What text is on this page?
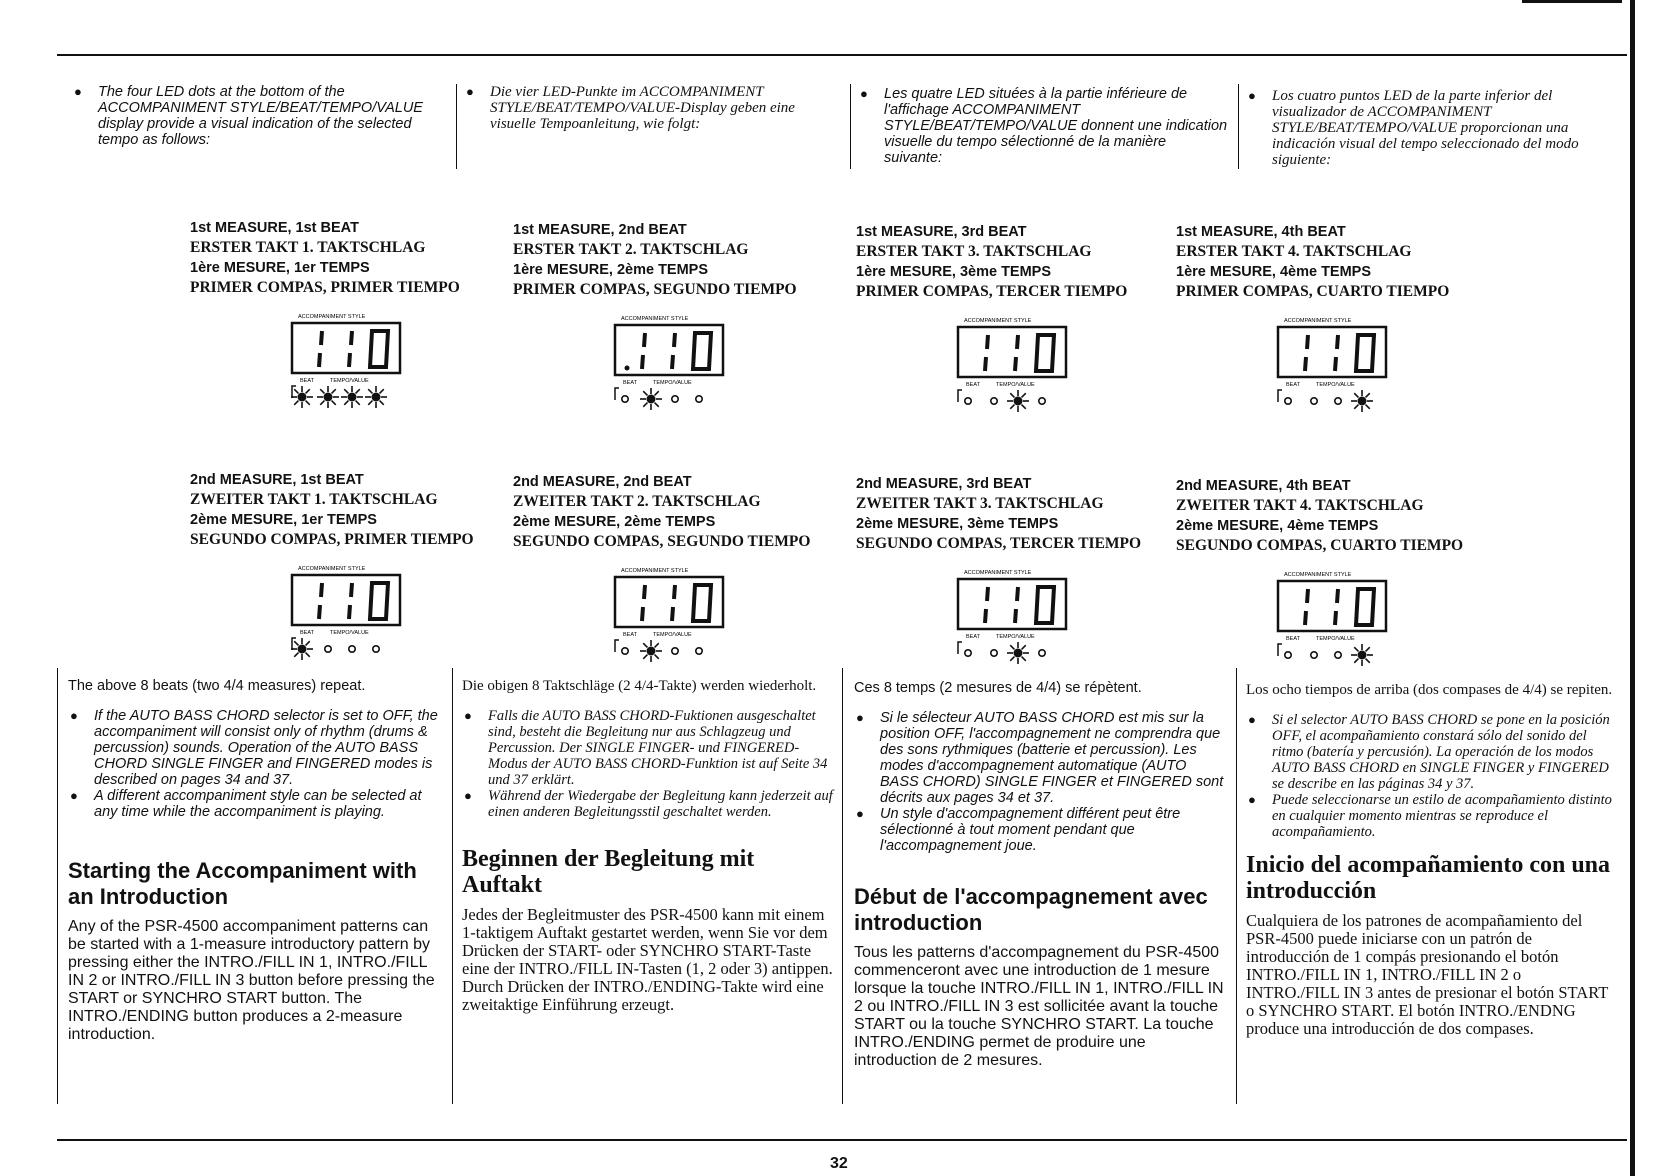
● The four LED dots at the bottom of the ACCOMPANIMENT STYLE/BEAT/TEMPO/VALUE display provide a visual indication of the selected tempo as follows:
● Die vier LED-Punkte im ACCOMPANIMENT STYLE/BEAT/TEMPO/VALUE-Display geben eine visuelle Tempoanleitung, wie folgt:
● Les quatre LED situées à la partie inférieure de l'affichage ACCOMPANIMENT STYLE/BEAT/TEMPO/VALUE donnent une indication visuelle du tempo sélectionné de la manière suivante:
● Los cuatro puntos LED de la parte inferior del visualizador de ACCOMPANIMENT STYLE/BEAT/TEMPO/VALUE proporcionan una indicación visual del tempo seleccionado del modo siguiente:
1st MEASURE, 1st BEAT
ERSTER TAKT 1. TAKTSCHLAG
1ère MESURE, 1er TEMPS
PRIMER COMPAS, PRIMER TIEMPO
ACCOMPANIMENT STYLE
BEAT	TEMPO/VALUE
1st MEASURE, 2nd BEAT
ERSTER TAKT 2. TAKTSCHLAG
1ère MESURE, 2ème TEMPS
PRIMER COMPAS, SEGUNDO TIEMPO
ACCOMPANIMENT STYLE
BEAT	TEMPO/VALUE
1st MEASURE, 3rd BEAT
ERSTER TAKT 3. TAKTSCHLAG
1ère MESURE, 3ème TEMPS
PRIMER COMPAS, TERCER TIEMPO
ACCOMPANIMENT STYLE
BEAT	TEMPO/VALUE
1st MEASURE, 4th BEAT
ERSTER TAKT 4. TAKTSCHLAG
1ère MESURE, 4ème TEMPS
PRIMER COMPAS, CUARTO TIEMPO
ACCOMPANIMENT STYLE
BEAT	TEMPO/VALUE
2nd MEASURE, 1st BEAT
ZWEITER TAKT 1. TAKTSCHLAG
2ème MESURE, 1er TEMPS
SEGUNDO COMPAS, PRIMER TIEMPO
ACCOMPANIMENT STYLE
BEAT	TEMPO/VALUE
2nd MEASURE, 2nd BEAT
ZWEITER TAKT 2. TAKTSCHLAG
2ème MESURE, 2ème TEMPS
SEGUNDO COMPAS, SEGUNDO TIEMPO
ACCOMPANIMENT STYLE
BEAT	TEMPO/VALUE
2nd MEASURE, 3rd BEAT
ZWEITER TAKT 3. TAKTSCHLAG
2ème MESURE, 3ème TEMPS
SEGUNDO COMPAS, TERCER TIEMPO
ACCOMPANIMENT STYLE
BEAT	TEMPO/VALUE
2nd MEASURE, 4th BEAT
ZWEITER TAKT 4. TAKTSCHLAG
2ème MESURE, 4ème TEMPS
SEGUNDO COMPAS, CUARTO TIEMPO
ACCOMPANIMENT STYLE
BEAT	TEMPO/VALUE
The above 8 beats (two 4/4 measures) repeat.
● If the AUTO BASS CHORD selector is set to OFF, the accompaniment will consist only of rhythm (drums & percussion) sounds. Operation of the AUTO BASS CHORD SINGLE FINGER and FINGERED modes is described on pages 34 and 37.
● A different accompaniment style can be selected at any time while the accompaniment is playing.
Starting the Accompaniment with an Introduction
Any of the PSR-4500 accompaniment patterns can be started with a 1-measure introductory pattern by pressing either the INTRO./FILL IN 1, INTRO./FILL IN 2 or INTRO./FILL IN 3 button before pressing the START or SYNCHRO START button. The INTRO./ENDING button produces a 2-measure introduction.
Die obigen 8 Taktschläge (2 4/4-Takte) werden wiederholt.
● Falls die AUTO BASS CHORD-Fuktionen ausgeschaltet sind, besteht die Begleitung nur aus Schlagzeug und Percussion. Der SINGLE FINGER- und FINGERED-Modus der AUTO BASS CHORD-Funktion ist auf Seite 34 und 37 erklärt.
● Während der Wiedergabe der Begleitung kann jederzeit auf einen anderen Begleitungsstil geschaltet werden.
Beginnen der Begleitung mit Auftakt
Jedes der Begleitmuster des PSR-4500 kann mit einem 1-taktigem Auftakt gestartet werden, wenn Sie vor dem Drücken der START- oder SYNCHRO START-Taste eine der INTRO./FILL IN-Tasten (1, 2 oder 3) antippen. Durch Drücken der INTRO./ENDING-Takte wird eine zweitaktige Einführung erzeugt.
Ces 8 temps (2 mesures de 4/4) se répètent.
● Si le sélecteur AUTO BASS CHORD est mis sur la position OFF, l'accompagnement ne comprendra que des sons rythmiques (batterie et percussion). Les modes d'accompagnement automatique (AUTO BASS CHORD) SINGLE FINGER et FINGERED sont décrits aux pages 34 et 37.
● Un style d'accompagnement différent peut être sélectionné à tout moment pendant que l'accompagnement joue.
Début de l'accompagnement avec introduction
Tous les patterns d'accompagnement du PSR-4500 commenceront avec une introduction de 1 mesure lorsque la touche INTRO./FILL IN 1, INTRO./FILL IN 2 ou INTRO./FILL IN 3 est sollicitée avant la touche START ou la touche SYNCHRO START. La touche INTRO./ENDING permet de produire une introduction de 2 mesures.
Los ocho tiempos de arriba (dos compases de 4/4) se repiten.
● Si el selector AUTO BASS CHORD se pone en la posición OFF, el acompañamiento constará sólo del sonido del ritmo (batería y percusión). La operación de los modos AUTO BASS CHORD en SINGLE FINGER y FINGERED se describe en las páginas 34 y 37.
● Puede seleccionarse un estilo de acompañamiento distinto en cualquier momento mientras se reproduce el acompañamiento.
Inicio del acompañamiento con una introducción
Cualquiera de los patrones de acompañamiento del PSR-4500 puede iniciarse con un patrón de introducción de 1 compás presionando el botón INTRO./FILL IN 1, INTRO./FILL IN 2 o INTRO./FILL IN 3 antes de presionar el botón START o SYNCHRO START. El botón INTRO./ENDNG produce una introducción de dos compases.
32
